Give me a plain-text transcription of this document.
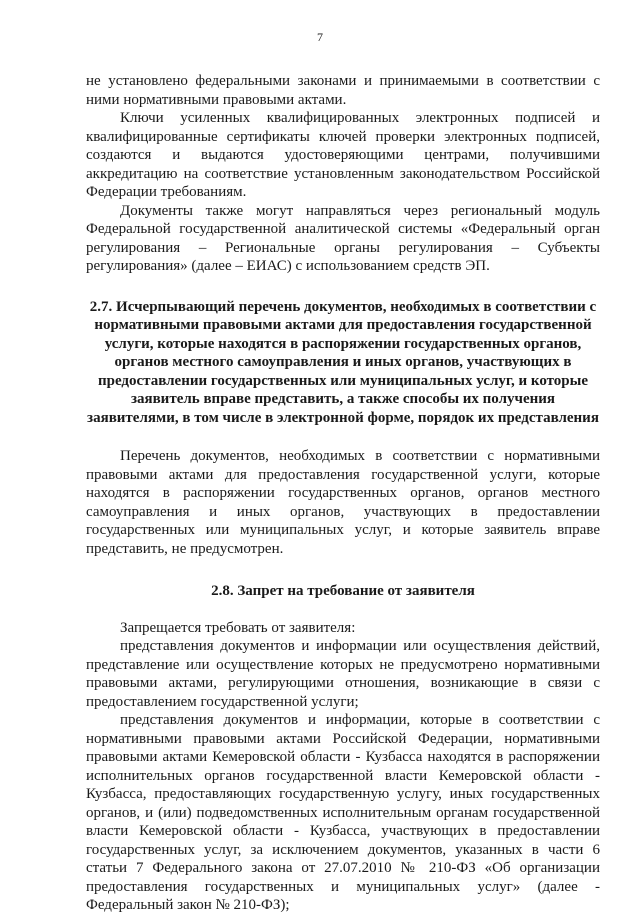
7

не установлено федеральными законами и принимаемыми в соответствии с ними нормативными правовыми актами.

Ключи усиленных квалифицированных электронных подписей и квалифицированные сертификаты ключей проверки электронных подписей, создаются и выдаются удостоверяющими центрами, получившими аккредитацию на соответствие установленным законодательством Российской Федерации требованиям.

Документы также могут направляться через региональный модуль Федеральной государственной аналитической системы «Федеральный орган регулирования – Региональные органы регулирования – Субъекты регулирования» (далее – ЕИАС) с использованием средств ЭП.

2.7. Исчерпывающий перечень документов, необходимых в соответствии с нормативными правовыми актами для предоставления государственной услуги, которые находятся в распоряжении государственных органов, органов местного самоуправления и иных органов, участвующих в предоставлении государственных или муниципальных услуг, и которые заявитель вправе представить, а также способы их получения заявителями, в том числе в электронной форме, порядок их представления

Перечень документов, необходимых в соответствии с нормативными правовыми актами для предоставления государственной услуги, которые находятся в распоряжении государственных органов, органов местного самоуправления и иных органов, участвующих в предоставлении государственных или муниципальных услуг, и которые заявитель вправе представить, не предусмотрен.

2.8. Запрет на требование от заявителя

Запрещается требовать от заявителя:

представления документов и информации или осуществления действий, представление или осуществление которых не предусмотрено нормативными правовыми актами, регулирующими отношения, возникающие в связи с предоставлением государственной услуги;

представления документов и информации, которые в соответствии с нормативными правовыми актами Российской Федерации, нормативными правовыми актами Кемеровской области - Кузбасса находятся в распоряжении исполнительных органов государственной власти Кемеровской области - Кузбасса, предоставляющих государственную услугу, иных государственных органов, и (или) подведомственных исполнительным органам государственной власти Кемеровской области - Кузбасса, участвующих в предоставлении государственных услуг, за исключением документов, указанных в части 6 статьи 7 Федерального закона от 27.07.2010 № 210-ФЗ «Об организации предоставления государственных и муниципальных услуг» (далее - Федеральный закон № 210-ФЗ);
